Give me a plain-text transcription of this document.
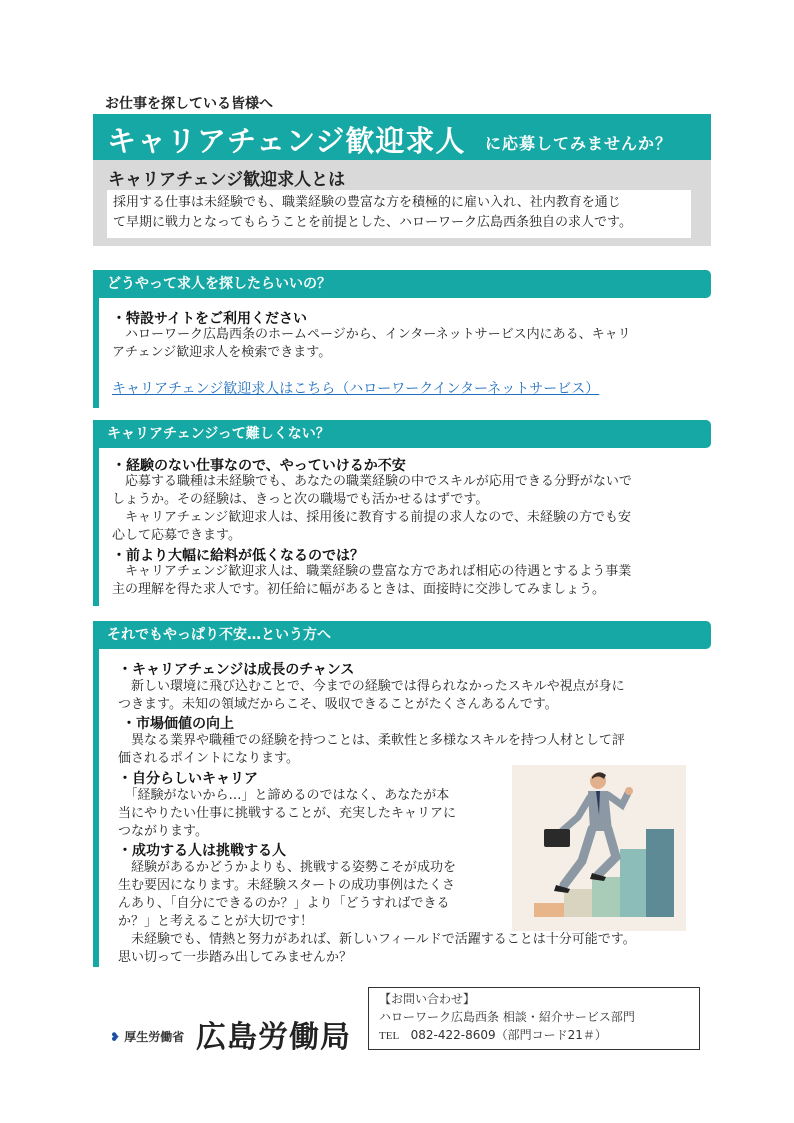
お仕事を探している皆様へ
キャリアチェンジ歓迎求人 に応募してみませんか？
キャリアチェンジ歓迎求人とは
採用する仕事は未経験でも、職業経験の豊富な方を積極的に雇い入れ、社内教育を通じ
て早期に戦力となってもらうことを前提とした、ハローワーク広島西条独自の求人です。
どうやって求人を探したらいいの？
・特設サイトをご利用ください
　ハローワーク広島西条のホームページから、インターネットサービス内にある、キャリ
アチェンジ歓迎求人を検索できます。
キャリアチェンジ歓迎求人はこちら（ハローワークインターネットサービス）
キャリアチェンジって難しくない？
・経験のない仕事なので、やっていけるか不安
　応募する職種は未経験でも、あなたの職業経験の中でスキルが応用できる分野がないで
しょうか。その経験は、きっと次の職場でも活かせるはずです。
　キャリアチェンジ歓迎求人は、採用後に教育する前提の求人なので、未経験の方でも安
心して応募できます。
・前より大幅に給料が低くなるのでは？
　キャリアチェンジ歓迎求人は、職業経験の豊富な方であれば相応の待遇とするよう事業
主の理解を得た求人です。初任給に幅があるときは、面接時に交渉してみましょう。
それでもやっぱり不安…という方へ
・キャリアチェンジは成長のチャンス
　新しい環境に飛び込むことで、今までの経験では得られなかったスキルや視点が身に
つきます。未知の領域だからこそ、吸収できることがたくさんあるんです。
・市場価値の向上
　異なる業界や職種での経験を持つことは、柔軟性と多様なスキルを持つ人材として評
価されるポイントになります。
・自分らしいキャリア
　「経験がないから…」と諦めるのではなく、あなたが本
当にやりたい仕事に挑戦することが、充実したキャリアに
つながります。
・成功する人は挑戦する人
　経験があるかどうかよりも、挑戦する姿勢こそが成功を
生む要因になります。未経験スタートの成功事例はたくさ
んあり、「自分にできるのか？」より「どうすればできる
か？」と考えることが大切です！
　未経験でも、情熱と努力があれば、新しいフィールドで活躍することは十分可能です。
思い切って一歩踏み出してみませんか？
❥ 厚生労働省 広島労働局
【お問い合わせ】
ハローワーク広島西条 相談・紹介サービス部門
TEL 082-422-8609（部門コード21＃）
